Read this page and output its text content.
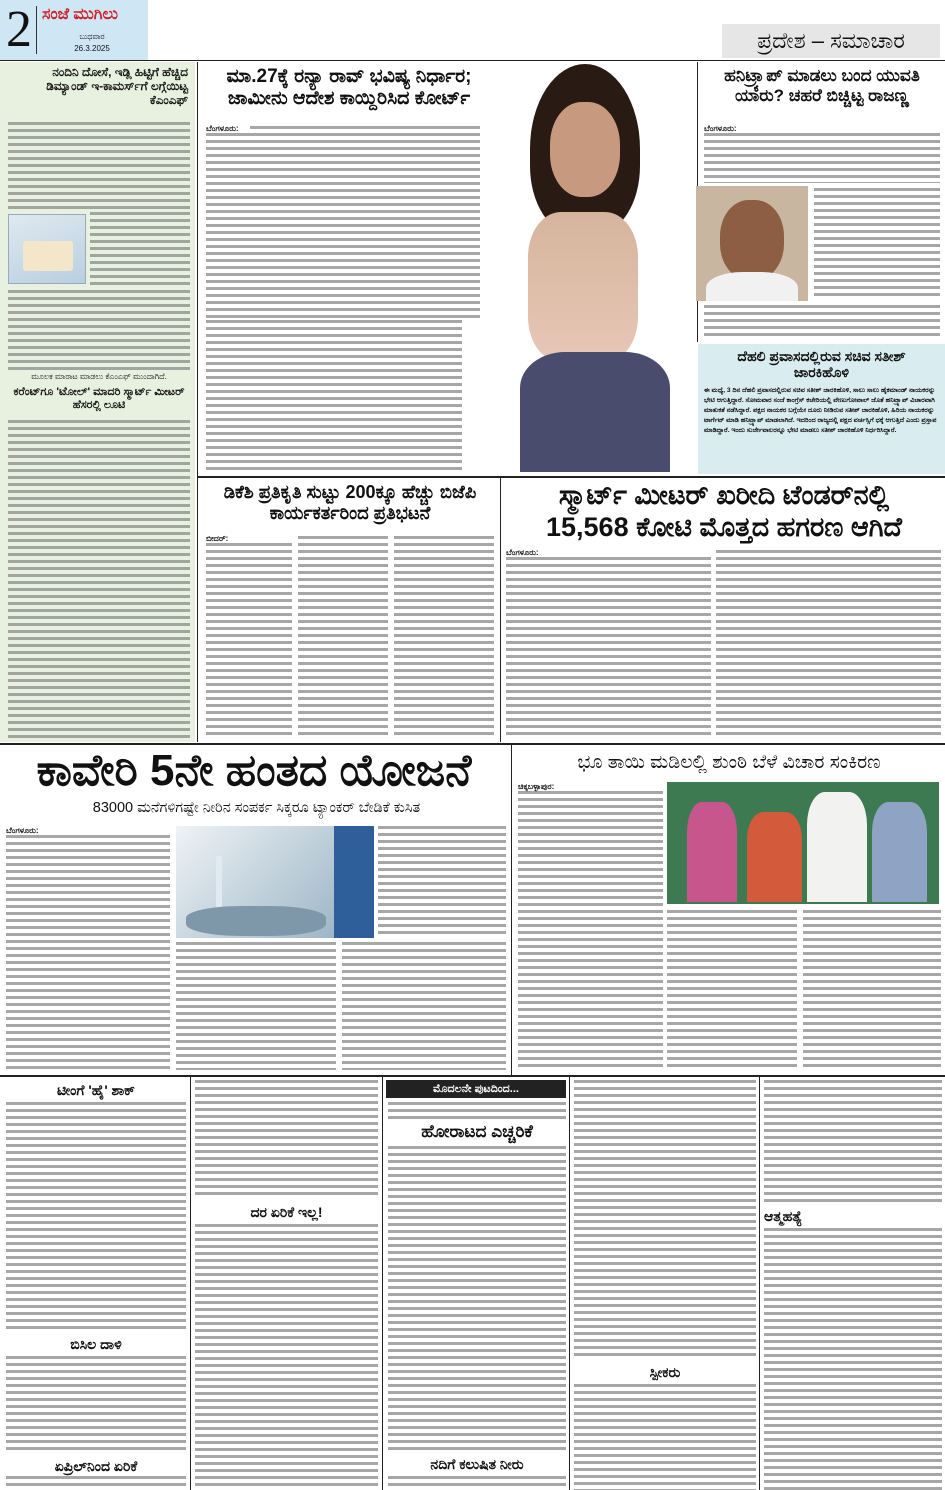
2 ಸಂಜೆ ಮುಗಿಲು
ಬುಧವಾರ
26.3.2025	ಪ್ರದೇಶ – ಸಮಾಚಾರ
ನಂದಿನಿ ದೋಸೆ, ಇಡ್ಲಿ ಹಿಟ್ಟಿಗೆ ಹೆಚ್ಚಿದ ಡಿಮ್ಯಾಂಡ್ ಇ-ಕಾಮರ್ಸ್‌ಗೆ ಲಗ್ಗೆಯಿಟ್ಟ ಕೆಎಂಎಫ್
ಮೂಲಕ ಮಾರಾಟ ಮಾಡಲು ಕೆಎಂಎಫ್ ಮುಂದಾಗಿದೆ.
ಕರೆಂಟ್‌ಗೂ 'ಟೋಲ್' ಮಾದರಿ ಸ್ಮಾರ್ಟ್ ಮೀಟರ್ ಹೆಸರಲ್ಲಿ ಲೂಟಿ
ಮಾ.27ಕ್ಕೆ ರನ್ಯಾ ರಾವ್ ಭವಿಷ್ಯ ನಿರ್ಧಾರ; ಜಾಮೀನು ಆದೇಶ ಕಾಯ್ದಿರಿಸಿದ ಕೋರ್ಟ್
ಬೆಂಗಳೂರು:
ಹನಿಟ್ರ್ಯಾಪ್ ಮಾಡಲು ಬಂದ ಯುವತಿ ಯಾರು? ಚಹರೆ ಬಿಚ್ಚಿಟ್ಟ ರಾಜಣ್ಣ
ಬೆಂಗಳೂರು:
ದೆಹಲಿ ಪ್ರವಾಸದಲ್ಲಿರುವ ಸಚಿವ ಸತೀಶ್ ಜಾರಕಿಹೊಳಿ
ಈ ಮಧ್ಯೆ, 3 ದಿನ ದೆಹಲಿ ಪ್ರವಾಸದಲ್ಲಿರುವ ಸಚಿವ ಸತೀಶ್ ಜಾರಕಿಹೊಳಿ, ಸಾಲು ಸಾಲು ಹೈಕಮಾಂಡ್ ನಾಯಕರನ್ನು ಭೇಟಿ ಆಗುತ್ತಿದ್ದಾರೆ. ಸೋಮವಾರ ಸಂಜೆ ಕಾಂಗ್ರೆಸ್ ಕಚೇರಿಯಲ್ಲಿ ವೇಣುಗೋಪಾಲ್ ಜೊತೆ ಹನಿಟ್ರ್ಯಾಪ್ ವಿಚಾರವಾಗಿ ಮಾತುಕತೆ ನಡೆಸಿದ್ದಾರೆ. ಪಕ್ಷದ ನಾಯಕರ ಬಗ್ಗೆಯೇ ದೂರು ನೀಡಿರುವ ಸತೀಶ್ ಜಾರಕಿಹೊಳಿ, ಹಿರಿಯ ನಾಯಕರನ್ನು ಟಾರ್ಗೆಟ್ ಮಾಡಿ ಹನಿಟ್ರ್ಯಾಪ್ ಮಾಡಲಾಗಿದೆ. ಇದರಿಂದ ರಾಜ್ಯದಲ್ಲಿ ಪಕ್ಷದ ವರ್ಚಸ್ಸಿಗೆ ಧಕ್ಕೆ ಆಗುತ್ತಿದೆ ಎಂದು ಪ್ರಸ್ತಾಪ ಮಾಡಿದ್ದಾರೆ. ಇಂದು ಸುರ್ಜೇವಾಲರನ್ನೂ ಭೇಟಿ ಮಾಡಲು ಸತೀಶ್ ಜಾರಕಿಹೊಳಿ ನಿರ್ಧರಿಸಿದ್ದಾರೆ.
ಡಿಕೆಶಿ ಪ್ರತಿಕೃತಿ ಸುಟ್ಟು 200ಕ್ಕೂ ಹೆಚ್ಚು ಬಿಜೆಪಿ ಕಾರ್ಯಕರ್ತರಿಂದ ಪ್ರತಿಭಟನೆ
ಬೀದರ್:
ಸ್ಮಾರ್ಟ್ ಮೀಟರ್ ಖರೀದಿ ಟೆಂಡರ್‌ನಲ್ಲಿ
15,568 ಕೋಟಿ ಮೊತ್ತದ ಹಗರಣ ಆಗಿದೆ
ಬೆಂಗಳೂರು:
ಕಾವೇರಿ 5ನೇ ಹಂತದ ಯೋಜನೆ
83000 ಮನೆಗಳಿಗಷ್ಟೇ ನೀರಿನ ಸಂಪರ್ಕ ಸಿಕ್ಕರೂ ಟ್ಯಾಂಕರ್ ಬೇಡಿಕೆ ಕುಸಿತ
ಬೆಂಗಳೂರು:
ಭೂ ತಾಯಿ ಮಡಿಲಲ್ಲಿ ಶುಂಠಿ ಬೆಳೆ ವಿಚಾರ ಸಂಕಿರಣ
ಚಿಕ್ಕಬಳ್ಳಾಪುರ:
ಟೀಂಗೆ 'ಹೈ' ಶಾಕ್
ಬಿಸಿಲ ದಾಳಿ
ಏಪ್ರಿಲ್‌ನಿಂದ ಏರಿಕೆ
ದರ ಏರಿಕೆ ಇಲ್ಲ!
ಮೊದಲನೇ ಪುಟದಿಂದ...
ಹೋರಾಟದ ಎಚ್ಚರಿಕೆ
ನದಿಗೆ ಕಲುಷಿತ ನೀರು
ಸ್ಪೀಕರು
ಆತ್ಮಹತ್ಯೆ
